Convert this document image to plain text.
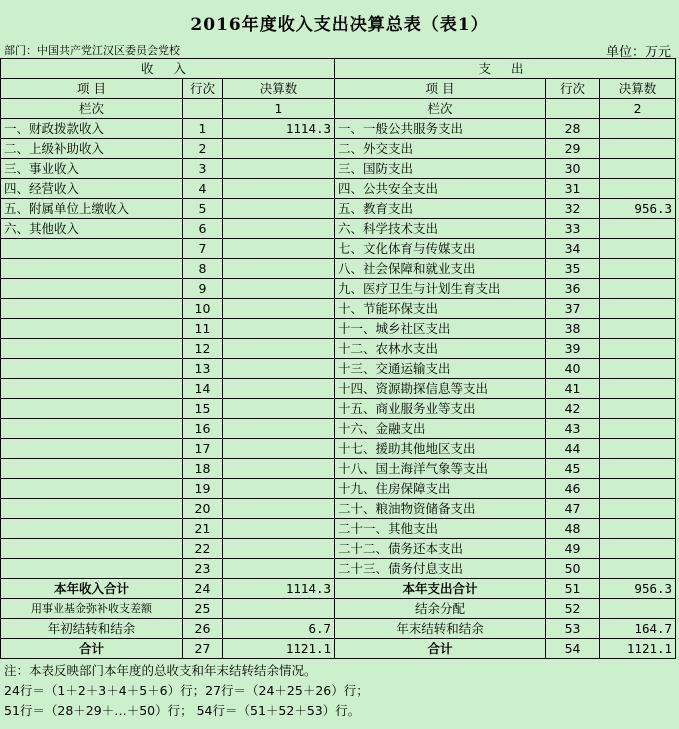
2016年度收入支出决算总表（表1）
部门：中国共产党江汉区委员会党校	单位：万元
收 入			支 出		
项 目	行次	决算数	项 目	行次	决算数
栏次		1	栏次		2
一、财政拨款收入	1	1114.3	一、一般公共服务支出	28	
二、上级补助收入	2		二、外交支出	29	
三、事业收入	3		三、国防支出	30	
四、经营收入	4		四、公共安全支出	31	
五、附属单位上缴收入	5		五、教育支出	32	956.3
六、其他收入	6		六、科学技术支出	33	
	7		七、文化体育与传媒支出	34	
	8		八、社会保障和就业支出	35	
	9		九、医疗卫生与计划生育支出	36	
	10		十、节能环保支出	37	
	11		十一、城乡社区支出	38	
	12		十二、农林水支出	39	
	13		十三、交通运输支出	40	
	14		十四、资源勘探信息等支出	41	
	15		十五、商业服务业等支出	42	
	16		十六、金融支出	43	
	17		十七、援助其他地区支出	44	
	18		十八、国土海洋气象等支出	45	
	19		十九、住房保障支出	46	
	20		二十、粮油物资储备支出	47	
	21		二十一、其他支出	48	
	22		二十二、债务还本支出	49	
	23		二十三、债务付息支出	50	
本年收入合计	24	1114.3	本年支出合计	51	956.3
用事业基金弥补收支差额	25		结余分配	52	
年初结转和结余	26	6.7	年末结转和结余	53	164.7
合计	27	1121.1	合计	54	1121.1
注：本表反映部门本年度的总收支和年末结转结余情况。
24行＝（1＋2＋3＋4＋5＋6）行；27行＝（24＋25＋26）行；
51行＝（28＋29＋…＋50）行； 54行＝（51＋52＋53）行。
